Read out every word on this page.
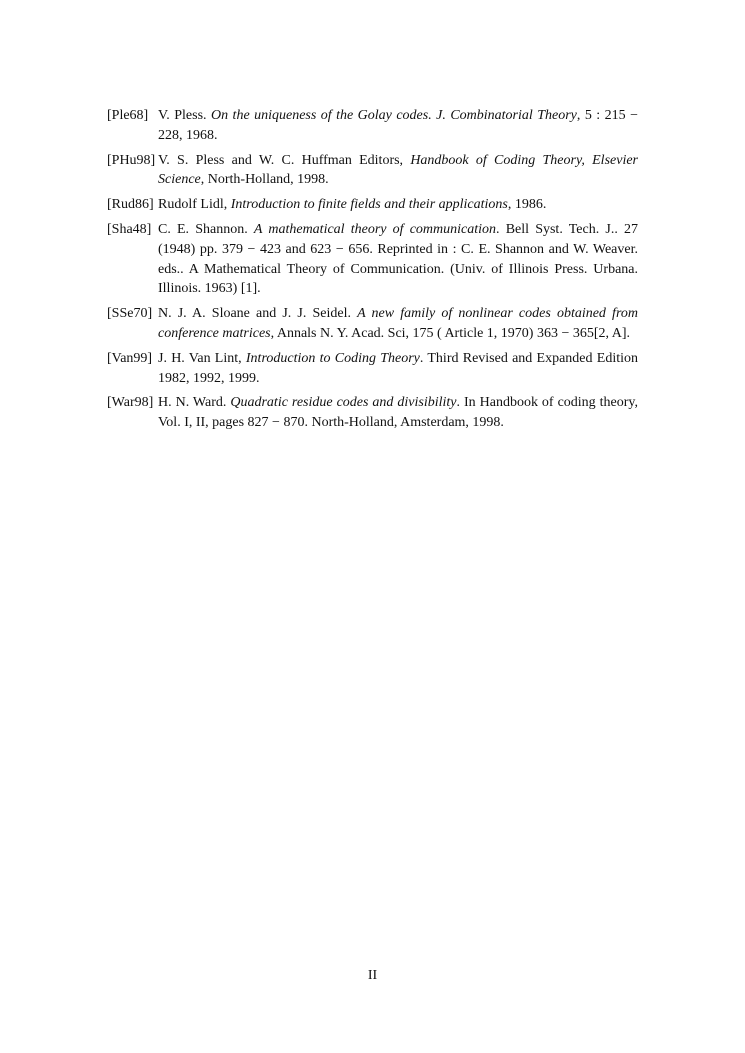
[Ple68] V. Pless. On the uniqueness of the Golay codes. J. Combinatorial Theory, 5 : 215 − 228, 1968.
[PHu98] V. S. Pless and W. C. Huffman Editors, Handbook of Coding Theory, Elsevier Science, North-Holland, 1998.
[Rud86] Rudolf Lidl, Introduction to finite fields and their applications, 1986.
[Sha48] C. E. Shannon. A mathematical theory of communication. Bell Syst. Tech. J.. 27 (1948) pp. 379 − 423 and 623 − 656. Reprinted in : C. E. Shannon and W. Weaver. eds.. A Mathematical Theory of Communication. (Univ. of Illinois Press. Urbana. Illinois. 1963) [1].
[SSe70] N. J. A. Sloane and J. J. Seidel. A new family of nonlinear codes obtained from conference matrices, Annals N. Y. Acad. Sci, 175 ( Article 1, 1970) 363 − 365[2, A].
[Van99] J. H. Van Lint, Introduction to Coding Theory. Third Revised and Expanded Edition 1982, 1992, 1999.
[War98] H. N. Ward. Quadratic residue codes and divisibility. In Handbook of coding theory, Vol. I, II, pages 827 − 870. North-Holland, Amsterdam, 1998.
II
